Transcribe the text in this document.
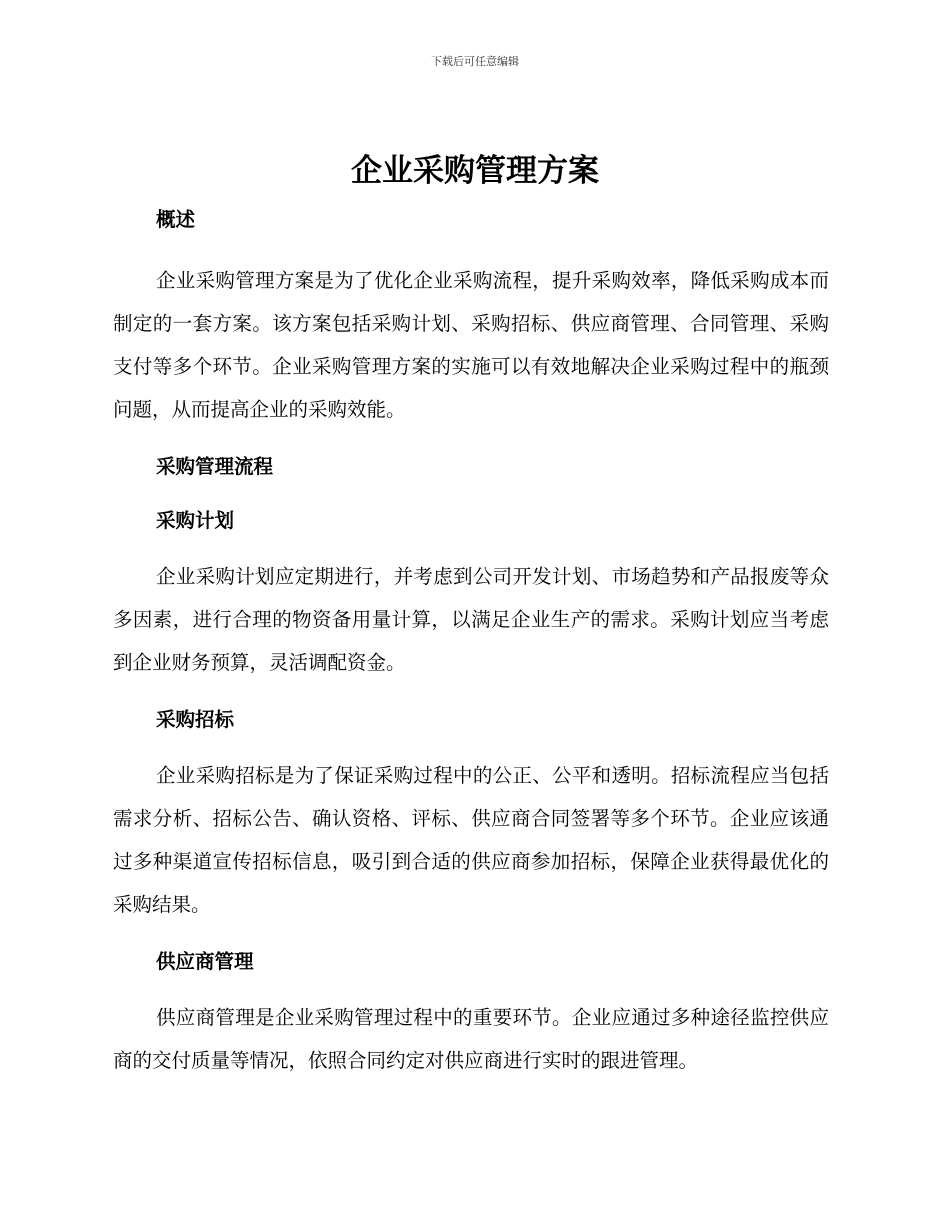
下载后可任意编辑
企业采购管理方案
概述

企业采购管理方案是为了优化企业采购流程，提升采购效率，降低采购成本而制定的一套方案。该方案包括采购计划、采购招标、供应商管理、合同管理、采购支付等多个环节。企业采购管理方案的实施可以有效地解决企业采购过程中的瓶颈问题，从而提高企业的采购效能。

采购管理流程
采购计划

企业采购计划应定期进行，并考虑到公司开发计划、市场趋势和产品报废等众多因素，进行合理的物资备用量计算，以满足企业生产的需求。采购计划应当考虑到企业财务预算，灵活调配资金。

采购招标

企业采购招标是为了保证采购过程中的公正、公平和透明。招标流程应当包括需求分析、招标公告、确认资格、评标、供应商合同签署等多个环节。企业应该通过多种渠道宣传招标信息，吸引到合适的供应商参加招标，保障企业获得最优化的采购结果。

供应商管理

供应商管理是企业采购管理过程中的重要环节。企业应通过多种途径监控供应商的交付质量等情况，依照合同约定对供应商进行实时的跟进管理。
